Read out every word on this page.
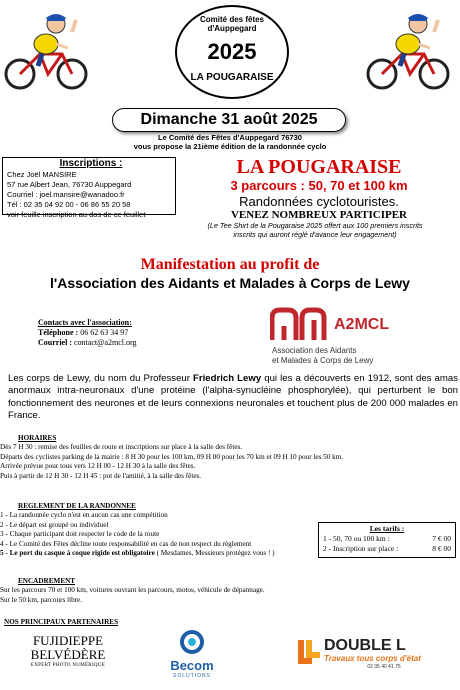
Comité des fêtes d'Auppegard
2025
LA POUGARAISE
Dimanche 31 août 2025
Le Comité des Fêtes d'Auppegard 76730
vous propose la 21ième édition de la randonnée cyclo
Inscriptions :
Chez Joël MANSIRE
57 rue Albert Jean, 76730 Auppegard
Courriel : joel.mansire@wanadoo.fr
Tél : 02 35 04 92 00 - 06 86 55 20 58
voir feuille inscription au dos de ce feuillet
LA POUGARAISE
3 parcours : 50, 70 et 100 km
Randonnées cyclotouristes.
VENEZ NOMBREUX PARTICIPER
(Le Tee Shirt de la Pougaraise 2025 offert aux 100 premiers inscrits
inscrits qui auront réglé d'avance leur engagement)
Manifestation au profit de
l'Association des Aidants et Malades à Corps de Lewy
Contacts avec l'association:
Téléphone : 06 62 63 34 97
Courriel : contact@a2mcl.org
A2MCL
Association des Aidants
et Malades à Corps de Lewy
Les corps de Lewy, du nom du Professeur Friedrich Lewy qui les a découverts en 1912, sont des amas anormaux intra-neuronaux d'une protéine (l'alpha-synucléine phosphorylée), qui perturbent le bon fonctionnement des neurones et de leurs connexions neuronales et touchent plus de 200 000 malades en France.
HORAIRES
Dès 7 H 30 : remise des feuilles de route et inscriptions sur place à la salle des fêtes.
Départs des cyclistes parking de la mairie : 8 H 30 pour les 100 km, 09 H 00 pour les 70 km et 09 H 10 pour les 50 km.
Arrivée prévue pour tous vers 12 H 00 - 12 H 30 à la salle des fêtes.
Puis à partir de 12 H 30 - 12 H 45 : pot de l'amitié, à la salle des fêtes.
REGLEMENT DE LA RANDONNEE
1 - La randonnée cyclo n'est en aucun cas une compétition
2 - Le départ est groupé ou individuel
3 - Chaque participant doit respecter le code de la route
4 - Le Comité des Fêtes décline toute responsabilité en cas de non respect du règlement
5 - Le port du casque à coque rigide est obligatoire ( Mesdames, Messieurs protégez vous ! )
Les tarifs :
1 - 50, 70 ou 100 km :	7 € 00
2 - Inscription sur place :	8 € 00
ENCADREMENT
Sur les parcours 70 et 100 km, voitures ouvrant les parcours, motos, véhicule de dépannage.
Sur le 50 km, parcours libre.
NOS PRINCIPAUX PARTENAIRES
FUJIDIEPPE
BELVÉDÈRE
EXPERT PHOTO NUMÉRIQUE	Becom
SOLUTIONS
DOUBLE L
Travaux tous corps d'état
02 35 40 41 75
